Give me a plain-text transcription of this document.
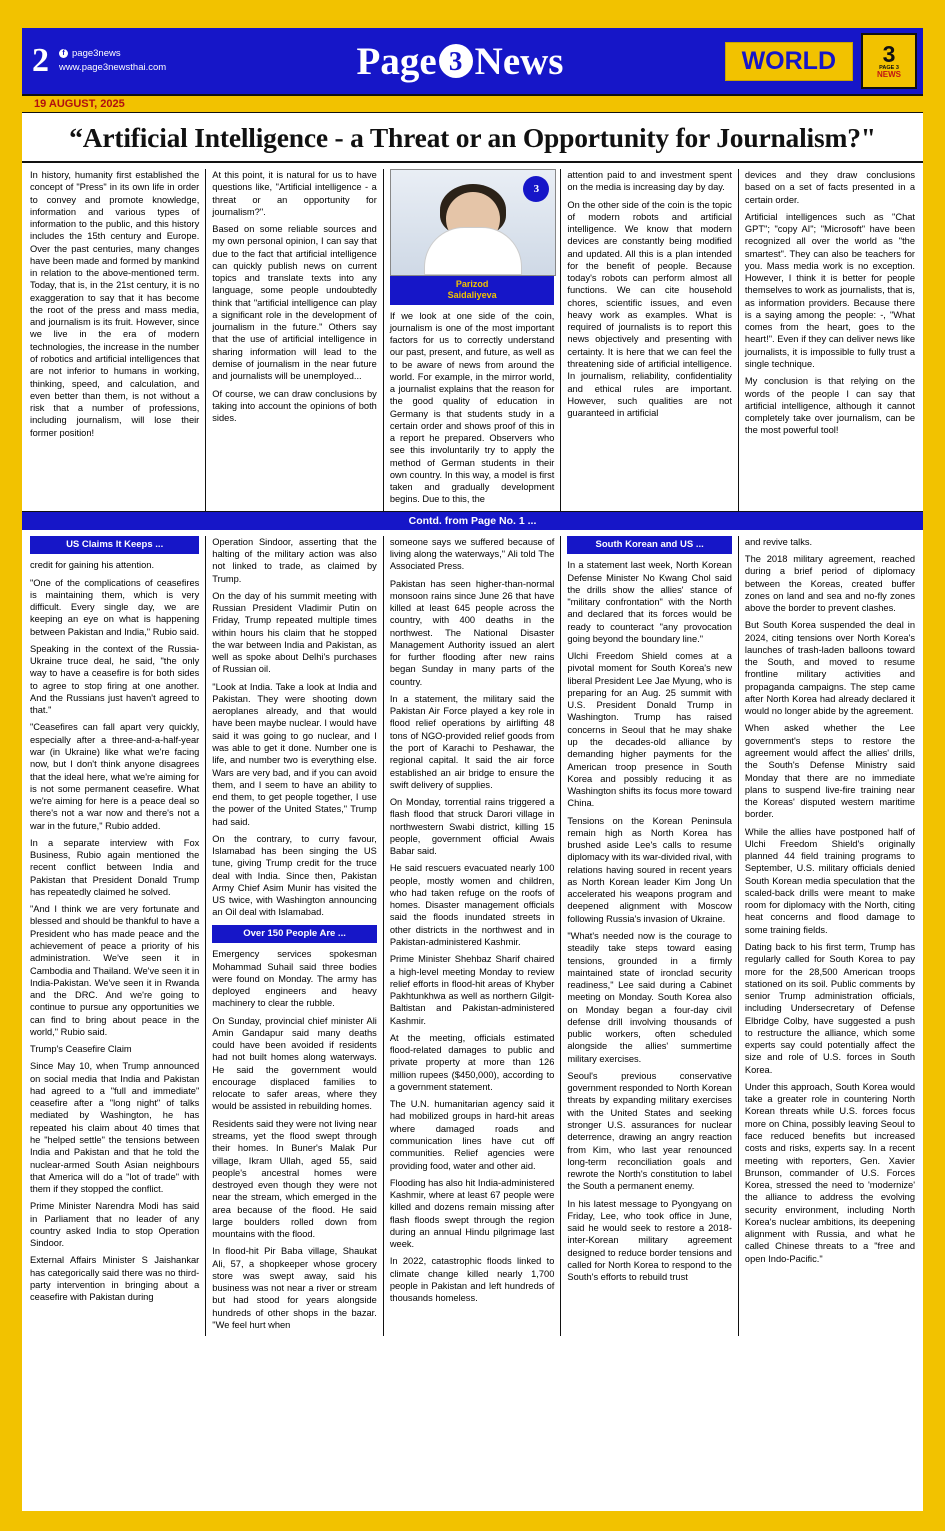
2	f page3news
www.page3newsthai.com	Page 3 News	WORLD	3
PAGE 3
NEWS
19 AUGUST, 2025
“Artificial Intelligence - a Threat or an Opportunity for Journalism?"

In history, humanity first established the concept of "Press" in its own life in order to convey and promote knowledge, information and various types of information to the public, and this history includes the 15th century and Europe. Over the past centuries, many changes have been made and formed by mankind in relation to the above-mentioned term. Today, that is, in the 21st century, it is no exaggeration to say that it has become the root of the press and mass media, and journalism is its fruit. However, since we live in the era of modern technologies, the increase in the number of robotics and artificial intelligences that are not inferior to humans in working, thinking, speed, and calculation, and even better than them, is not without a risk that a number of professions, including journalism, will lose their former position!

At this point, it is natural for us to have questions like, "Artificial intelligence - a threat or an opportunity for journalism?".

Based on some reliable sources and my own personal opinion, I can say that due to the fact that artificial intelligence can quickly publish news on current topics and translate texts into any language, some people undoubtedly think that "artificial intelligence can play a significant role in the development of journalism in the future." Others say that the use of artificial intelligence in sharing information will lead to the demise of journalism in the near future and journalists will be unemployed...

Of course, we can draw conclusions by taking into account the opinions of both sides.

3
Parizod
Saidaliyeva

If we look at one side of the coin, journalism is one of the most important factors for us to correctly understand our past, present, and future, as well as to be aware of news from around the world. For example, in the mirror world, a journalist explains that the reason for the good quality of education in Germany is that students study in a certain order and shows proof of this in a report he prepared. Observers who see this involuntarily try to apply the method of German students in their own country. In this way, a model is first taken and gradually development begins. Due to this, the

attention paid to and investment spent on the media is increasing day by day.

On the other side of the coin is the topic of modern robots and artificial intelligence. We know that modern devices are constantly being modified and updated. All this is a plan intended for the benefit of people. Because today's robots can perform almost all functions. We can cite household chores, scientific issues, and even heavy work as examples. What is required of journalists is to report this news objectively and presenting with certainty. It is here that we can feel the threatening side of artificial intelligence. In journalism, reliability, confidentiality and ethical rules are important. However, such qualities are not guaranteed in artificial

devices and they draw conclusions based on a set of facts presented in a certain order.

Artificial intelligences such as "Chat GPT"; "copy AI"; "Microsoft" have been recognized all over the world as "the smartest". They can also be teachers for you. Mass media work is no exception. However, I think it is better for people themselves to work as journalists, that is, as information providers. Because there is a saying among the people: -, "What comes from the heart, goes to the heart!". Even if they can deliver news like journalists, it is impossible to fully trust a single technique.

My conclusion is that relying on the words of the people I can say that artificial intelligence, although it cannot completely take over journalism, can be the most powerful tool!

Contd. from Page No. 1 ...
US Claims It Keeps ...

credit for gaining his attention.

"One of the complications of ceasefires is maintaining them, which is very difficult. Every single day, we are keeping an eye on what is happening between Pakistan and India," Rubio said.

Speaking in the context of the Russia-Ukraine truce deal, he said, "the only way to have a ceasefire is for both sides to agree to stop firing at one another. And the Russians just haven't agreed to that."

"Ceasefires can fall apart very quickly, especially after a three-and-a-half-year war (in Ukraine) like what we're facing now, but I don't think anyone disagrees that the ideal here, what we're aiming for is not some permanent ceasefire. What we're aiming for here is a peace deal so there's not a war now and there's not a war in the future," Rubio added.

In a separate interview with Fox Business, Rubio again mentioned the recent conflict between India and Pakistan that President Donald Trump has repeatedly claimed he solved.

"And I think we are very fortunate and blessed and should be thankful to have a President who has made peace and the achievement of peace a priority of his administration. We've seen it in Cambodia and Thailand. We've seen it in India-Pakistan. We've seen it in Rwanda and the DRC. And we're going to continue to pursue any opportunities we can find to bring about peace in the world," Rubio said.

Trump's Ceasefire Claim

Since May 10, when Trump announced on social media that India and Pakistan had agreed to a "full and immediate" ceasefire after a "long night" of talks mediated by Washington, he has repeated his claim about 40 times that he "helped settle" the tensions between India and Pakistan and that he told the nuclear-armed South Asian neighbours that America will do a "lot of trade" with them if they stopped the conflict.

Prime Minister Narendra Modi has said in Parliament that no leader of any country asked India to stop Operation Sindoor.

External Affairs Minister S Jaishankar has categorically said there was no third-party intervention in bringing about a ceasefire with Pakistan during

Operation Sindoor, asserting that the halting of the military action was also not linked to trade, as claimed by Trump.

On the day of his summit meeting with Russian President Vladimir Putin on Friday, Trump repeated multiple times within hours his claim that he stopped the war between India and Pakistan, as well as spoke about Delhi's purchases of Russian oil.

"Look at India. Take a look at India and Pakistan. They were shooting down aeroplanes already, and that would have been maybe nuclear. I would have said it was going to go nuclear, and I was able to get it done. Number one is life, and number two is everything else. Wars are very bad, and if you can avoid them, and I seem to have an ability to end them, to get people together, I use the power of the United States," Trump had said.

On the contrary, to curry favour, Islamabad has been singing the US tune, giving Trump credit for the truce deal with India. Since then, Pakistan Army Chief Asim Munir has visited the US twice, with Washington announcing an Oil deal with Islamabad.

Over 150 People Are ...

Emergency services spokesman Mohammad Suhail said three bodies were found on Monday. The army has deployed engineers and heavy machinery to clear the rubble.

On Sunday, provincial chief minister Ali Amin Gandapur said many deaths could have been avoided if residents had not built homes along waterways. He said the government would encourage displaced families to relocate to safer areas, where they would be assisted in rebuilding homes.

Residents said they were not living near streams, yet the flood swept through their homes. In Buner's Malak Pur village, Ikram Ullah, aged 55, said people's ancestral homes were destroyed even though they were not near the stream, which emerged in the area because of the flood. He said large boulders rolled down from mountains with the flood.

In flood-hit Pir Baba village, Shaukat Ali, 57, a shopkeeper whose grocery store was swept away, said his business was not near a river or stream but had stood for years alongside hundreds of other shops in the bazar. "We feel hurt when

someone says we suffered because of living along the waterways," Ali told The Associated Press.

Pakistan has seen higher-than-normal monsoon rains since June 26 that have killed at least 645 people across the country, with 400 deaths in the northwest. The National Disaster Management Authority issued an alert for further flooding after new rains began Sunday in many parts of the country.

In a statement, the military said the Pakistan Air Force played a key role in flood relief operations by airlifting 48 tons of NGO-provided relief goods from the port of Karachi to Peshawar, the regional capital. It said the air force established an air bridge to ensure the swift delivery of supplies.

On Monday, torrential rains triggered a flash flood that struck Darori village in northwestern Swabi district, killing 15 people, government official Awais Babar said.

He said rescuers evacuated nearly 100 people, mostly women and children, who had taken refuge on the roofs of homes. Disaster management officials said the floods inundated streets in other districts in the northwest and in Pakistan-administered Kashmir.

Prime Minister Shehbaz Sharif chaired a high-level meeting Monday to review relief efforts in flood-hit areas of Khyber Pakhtunkhwa as well as northern Gilgit-Baltistan and Pakistan-administered Kashmir.

At the meeting, officials estimated flood-related damages to public and private property at more than 126 million rupees ($450,000), according to a government statement.

The U.N. humanitarian agency said it had mobilized groups in hard-hit areas where damaged roads and communication lines have cut off communities. Relief agencies were providing food, water and other aid.

Flooding has also hit India-administered Kashmir, where at least 67 people were killed and dozens remain missing after flash floods swept through the region during an annual Hindu pilgrimage last week.

In 2022, catastrophic floods linked to climate change killed nearly 1,700 people in Pakistan and left hundreds of thousands homeless.

South Korean and US ...

In a statement last week, North Korean Defense Minister No Kwang Chol said the drills show the allies' stance of "military confrontation" with the North and declared that its forces would be ready to counteract "any provocation going beyond the boundary line."

Ulchi Freedom Shield comes at a pivotal moment for South Korea's new liberal President Lee Jae Myung, who is preparing for an Aug. 25 summit with U.S. President Donald Trump in Washington. Trump has raised concerns in Seoul that he may shake up the decades-old alliance by demanding higher payments for the American troop presence in South Korea and possibly reducing it as Washington shifts its focus more toward China.

Tensions on the Korean Peninsula remain high as North Korea has brushed aside Lee's calls to resume diplomacy with its war-divided rival, with relations having soured in recent years as North Korean leader Kim Jong Un accelerated his weapons program and deepened alignment with Moscow following Russia's invasion of Ukraine.

"What's needed now is the courage to steadily take steps toward easing tensions, grounded in a firmly maintained state of ironclad security readiness," Lee said during a Cabinet meeting on Monday. South Korea also on Monday began a four-day civil defense drill involving thousands of public workers, often scheduled alongside the allies' summertime military exercises.

Seoul's previous conservative government responded to North Korean threats by expanding military exercises with the United States and seeking stronger U.S. assurances for nuclear deterrence, drawing an angry reaction from Kim, who last year renounced long-term reconciliation goals and rewrote the North's constitution to label the South a permanent enemy.

In his latest message to Pyongyang on Friday, Lee, who took office in June, said he would seek to restore a 2018-inter-Korean military agreement designed to reduce border tensions and called for North Korea to respond to the South's efforts to rebuild trust

and revive talks.

The 2018 military agreement, reached during a brief period of diplomacy between the Koreas, created buffer zones on land and sea and no-fly zones above the border to prevent clashes.

But South Korea suspended the deal in 2024, citing tensions over North Korea's launches of trash-laden balloons toward the South, and moved to resume frontline military activities and propaganda campaigns. The step came after North Korea had already declared it would no longer abide by the agreement.

When asked whether the Lee government's steps to restore the agreement would affect the allies' drills, the South's Defense Ministry said Monday that there are no immediate plans to suspend live-fire training near the Koreas' disputed western maritime border.

While the allies have postponed half of Ulchi Freedom Shield's originally planned 44 field training programs to September, U.S. military officials denied South Korean media speculation that the scaled-back drills were meant to make room for diplomacy with the North, citing heat concerns and flood damage to some training fields.

Dating back to his first term, Trump has regularly called for South Korea to pay more for the 28,500 American troops stationed on its soil. Public comments by senior Trump administration officials, including Undersecretary of Defense Elbridge Colby, have suggested a push to restructure the alliance, which some experts say could potentially affect the size and role of U.S. forces in South Korea.

Under this approach, South Korea would take a greater role in countering North Korean threats while U.S. forces focus more on China, possibly leaving Seoul to face reduced benefits but increased costs and risks, experts say. In a recent meeting with reporters, Gen. Xavier Brunson, commander of U.S. Forces Korea, stressed the need to 'modernize' the alliance to address the evolving security environment, including North Korea's nuclear ambitions, its deepening alignment with Russia, and what he called Chinese threats to a "free and open Indo-Pacific."
